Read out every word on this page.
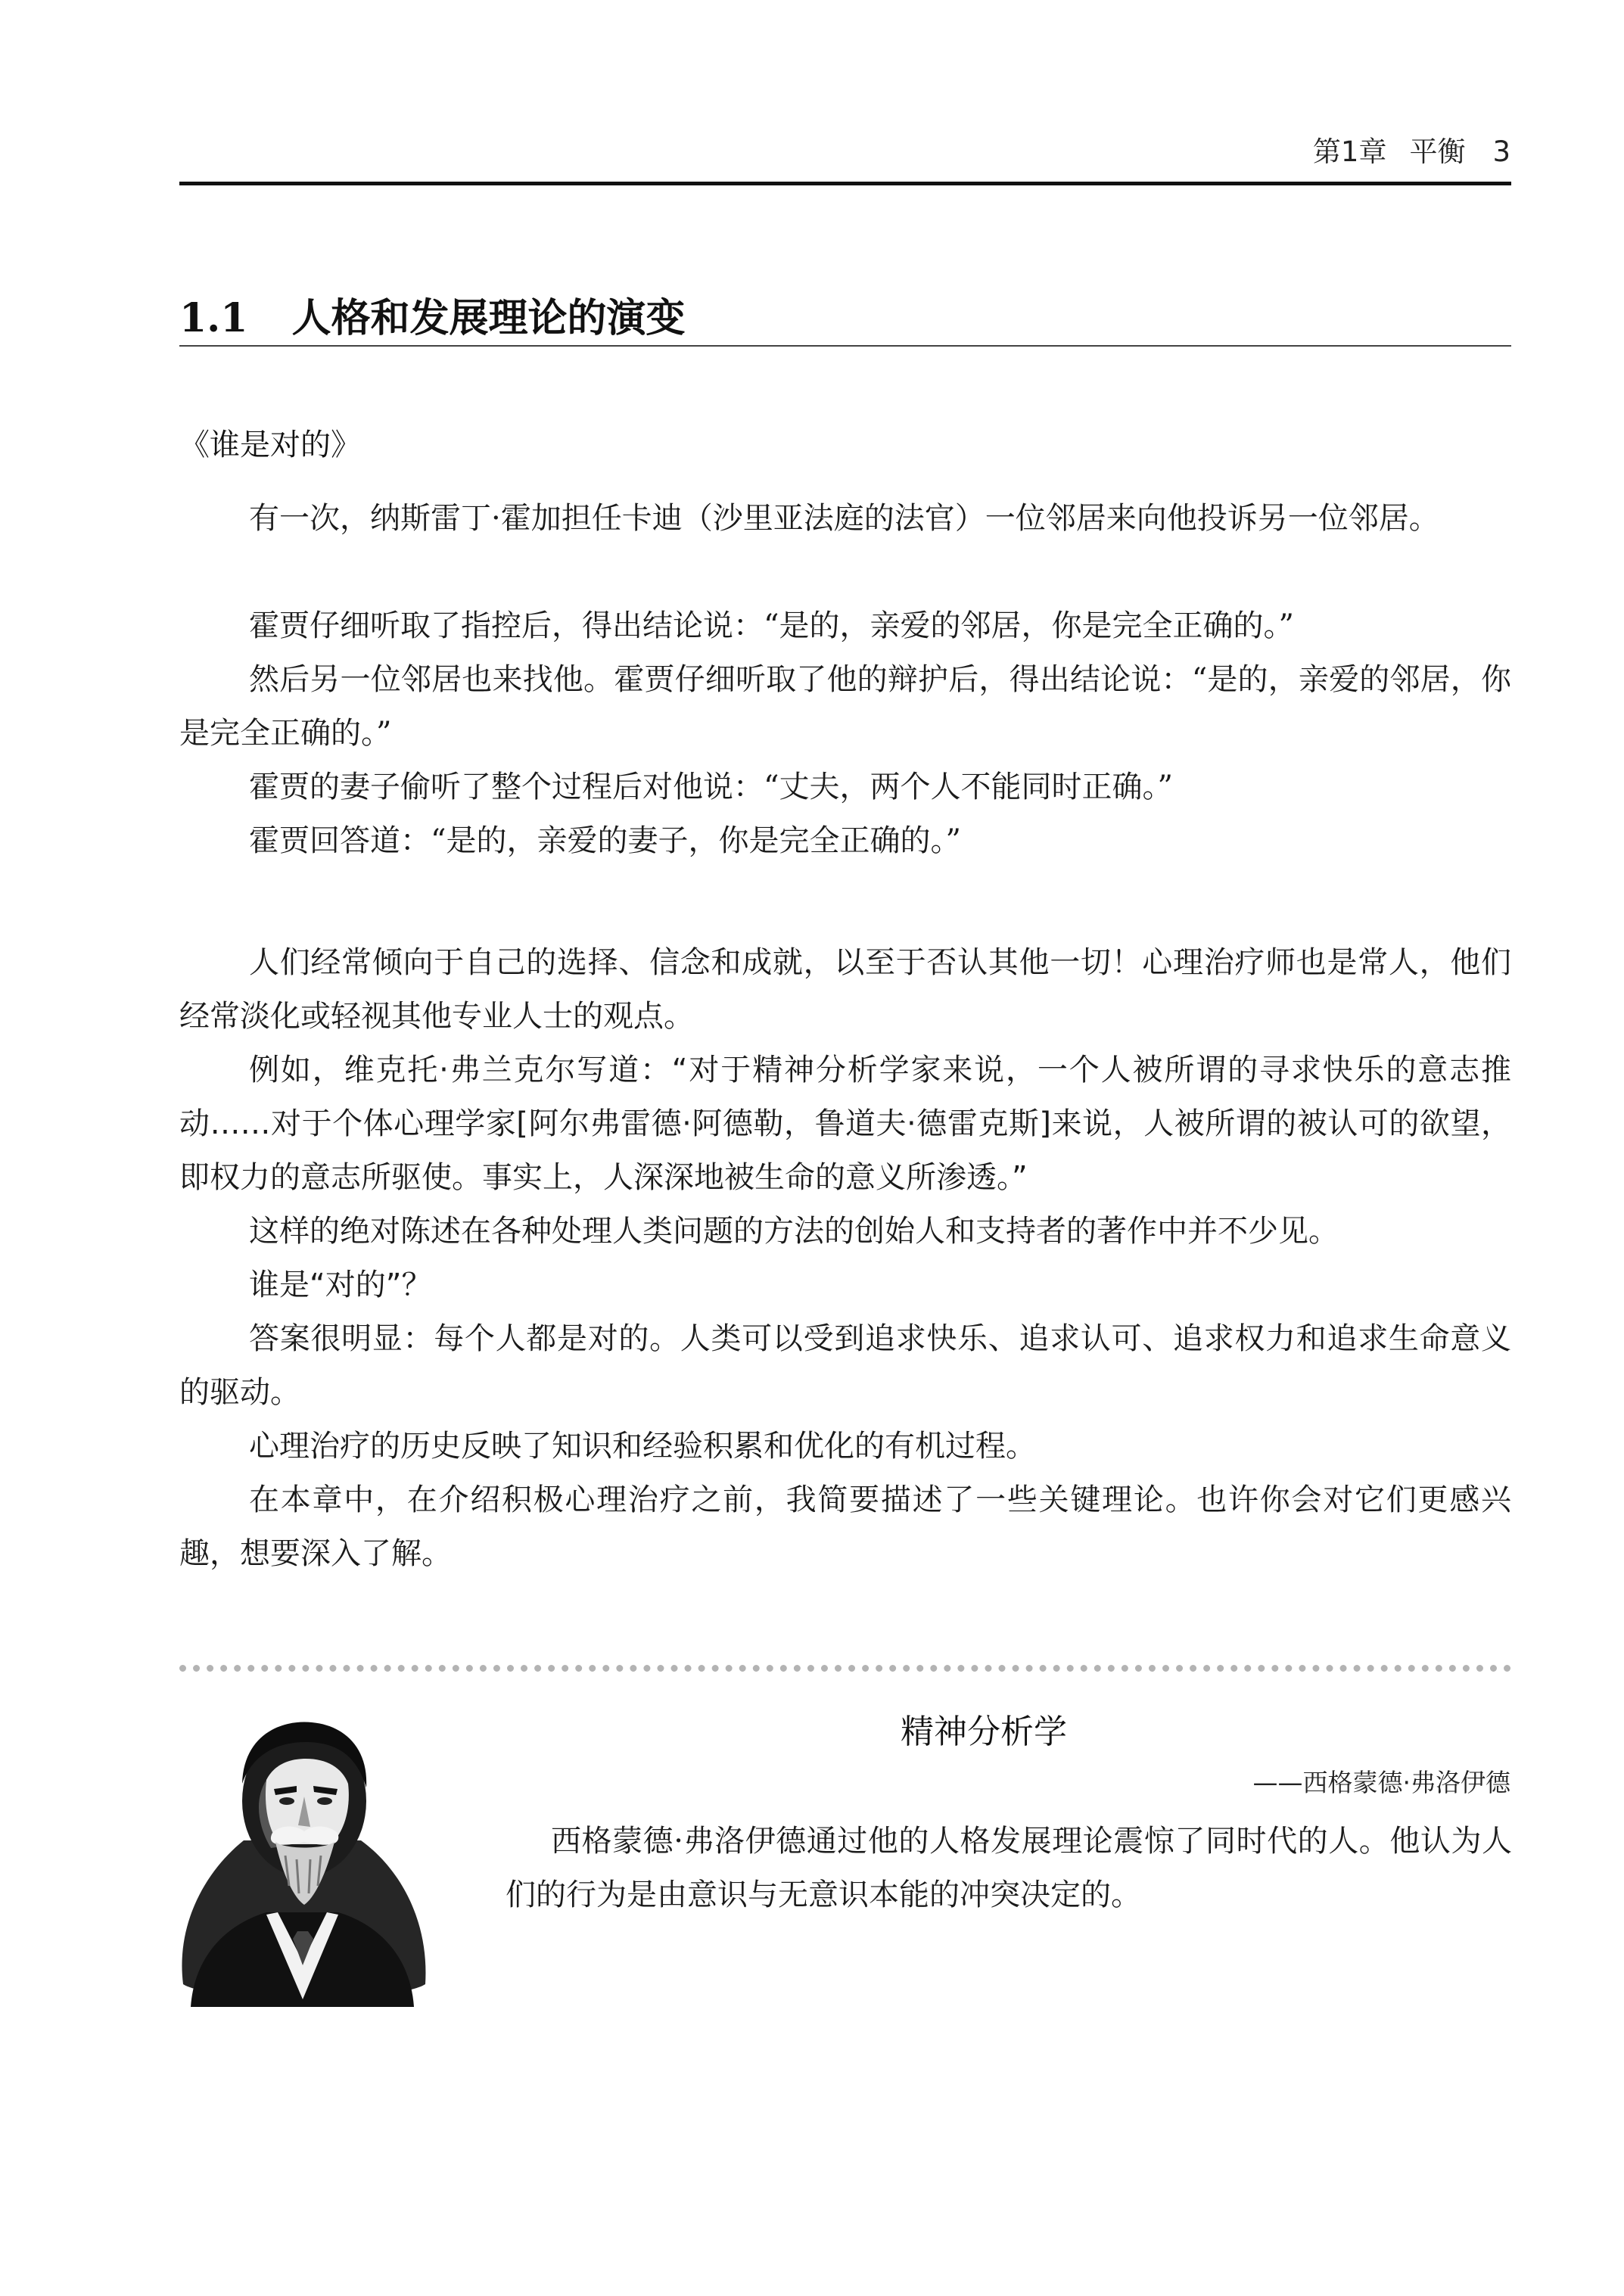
第1章 平衡 3
1.1 人格和发展理论的演变
《谁是对的》

有一次，纳斯雷丁·霍加担任卡迪（沙里亚法庭的法官）一位邻居来向他投诉另一位邻居。

霍贾仔细听取了指控后，得出结论说：“是的，亲爱的邻居，你是完全正确的。”

然后另一位邻居也来找他。霍贾仔细听取了他的辩护后，得出结论说：“是的，亲爱的邻居，你是完全正确的。”

霍贾的妻子偷听了整个过程后对他说：“丈夫，两个人不能同时正确。”

霍贾回答道：“是的，亲爱的妻子，你是完全正确的。”

人们经常倾向于自己的选择、信念和成就，以至于否认其他一切！心理治疗师也是常人，他们经常淡化或轻视其他专业人士的观点。

例如，维克托·弗兰克尔写道：“对于精神分析学家来说，一个人被所谓的寻求快乐的意志推动……对于个体心理学家[阿尔弗雷德·阿德勒，鲁道夫·德雷克斯]来说，人被所谓的被认可的欲望，即权力的意志所驱使。事实上，人深深地被生命的意义所渗透。”

这样的绝对陈述在各种处理人类问题的方法的创始人和支持者的著作中并不少见。

谁是“对的”？

答案很明显：每个人都是对的。人类可以受到追求快乐、追求认可、追求权力和追求生命意义的驱动。

心理治疗的历史反映了知识和经验积累和优化的有机过程。

在本章中，在介绍积极心理治疗之前，我简要描述了一些关键理论。也许你会对它们更感兴趣，想要深入了解。

精神分析学
——西格蒙德·弗洛伊德

西格蒙德·弗洛伊德通过他的人格发展理论震惊了同时代的人。他认为人们的行为是由意识与无意识本能的冲突决定的。
